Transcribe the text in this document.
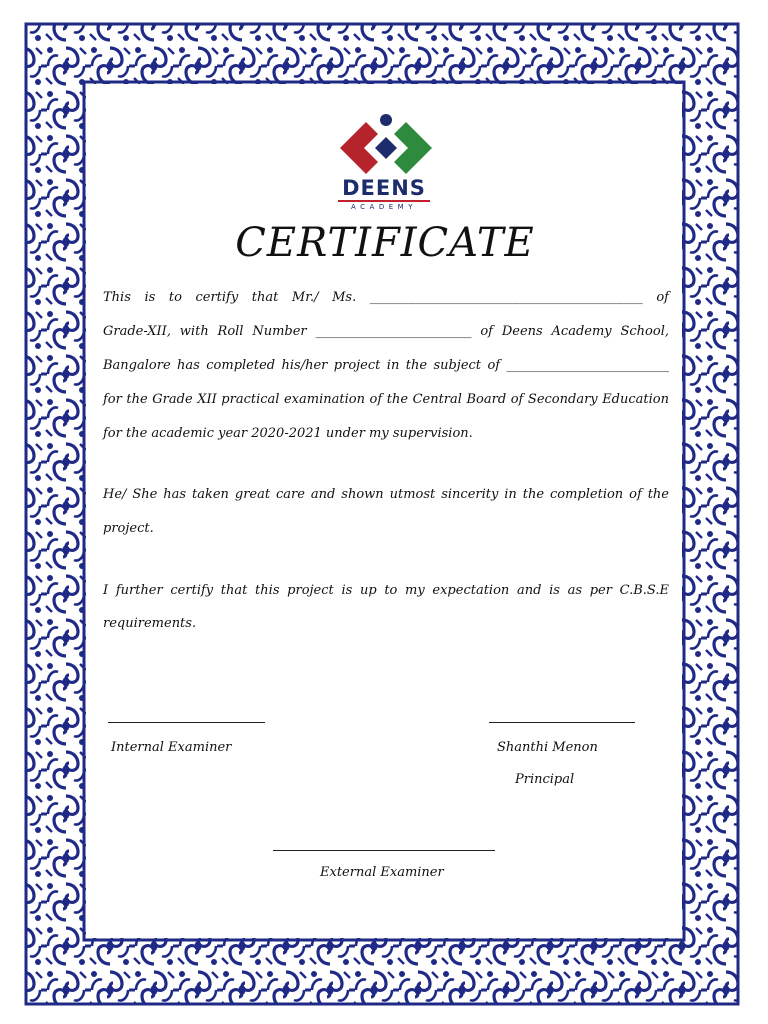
DEENS
ACADEMY
CERTIFICATE
This is to certify that Mr./ Ms. __________________________________________ of
Grade-XII, with Roll Number ________________________ of Deens Academy School,
Bangalore has completed his/her project in the subject of _________________________
for the Grade XII practical examination of the Central Board of Secondary Education
for the academic year 2020-2021 under my supervision.
He/ She has taken great care and shown utmost sincerity in the completion of the
project.
I further certify that this project is up to my expectation and is as per C.B.S.E
requirements.
Internal Examiner	Shanthi Menon
Principal
External Examiner
